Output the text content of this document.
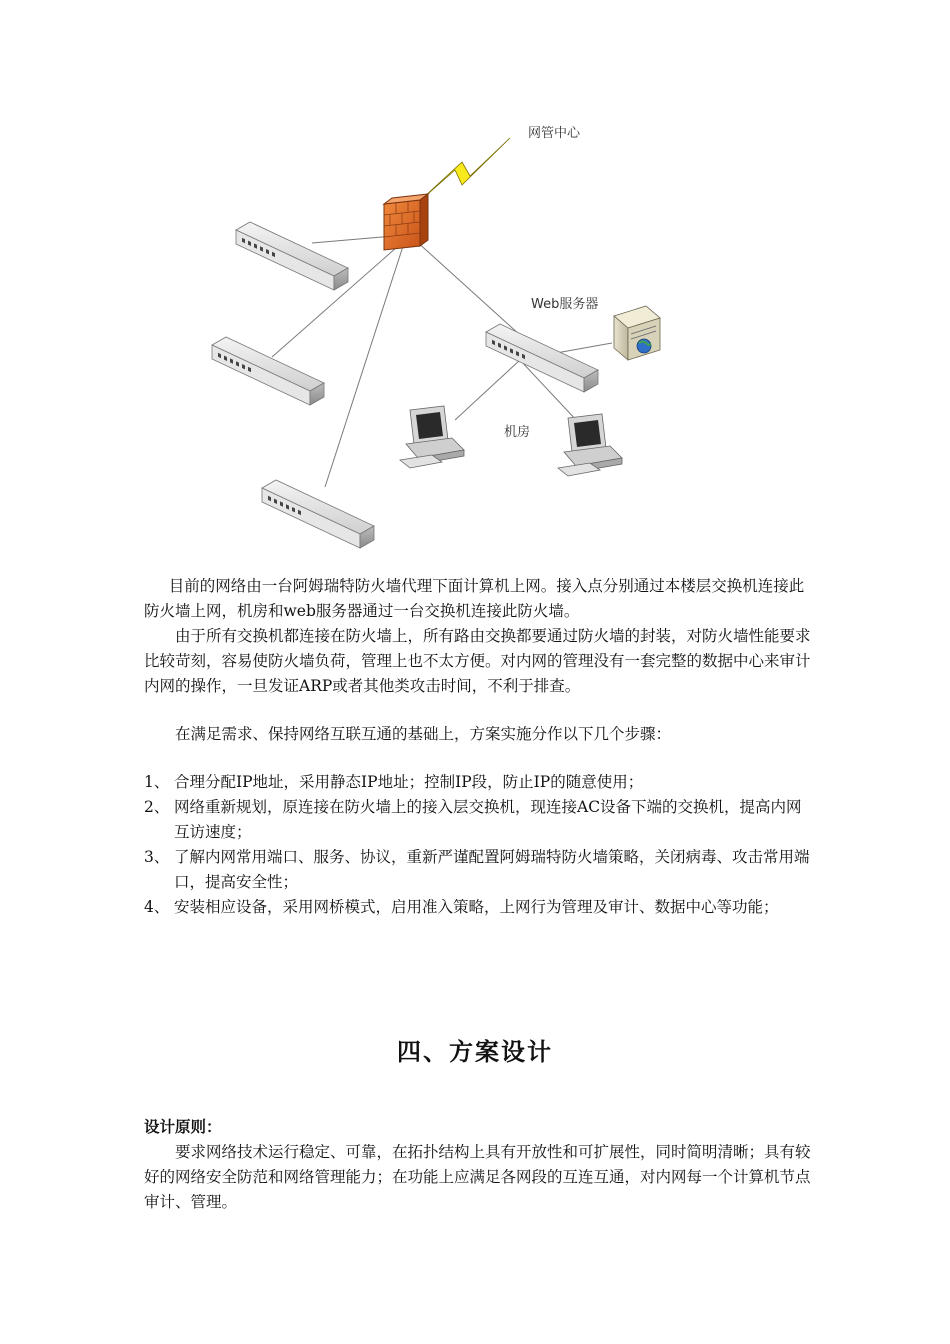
网管中心
Web服务器
机房

目前的网络由一台阿姆瑞特防火墙代理下面计算机上网。接入点分别通过本楼层交换机连接此防火墙上网，机房和web服务器通过一台交换机连接此防火墙。

由于所有交换机都连接在防火墙上，所有路由交换都要通过防火墙的封装，对防火墙性能要求比较苛刻，容易使防火墙负荷，管理上也不太方便。对内网的管理没有一套完整的数据中心来审计内网的操作，一旦发证ARP或者其他类攻击时间，不利于排查。

在满足需求、保持网络互联互通的基础上，方案实施分作以下几个步骤：

1、 合理分配IP地址，采用静态IP地址；控制IP段，防止IP的随意使用；
2、 网络重新规划，原连接在防火墙上的接入层交换机，现连接AC设备下端的交换机，提高内网互访速度；
3、 了解内网常用端口、服务、协议，重新严谨配置阿姆瑞特防火墙策略，关闭病毒、攻击常用端口，提高安全性；
4、 安装相应设备，采用网桥模式，启用准入策略，上网行为管理及审计、数据中心等功能；
四、方案设计
设计原则：

要求网络技术运行稳定、可靠，在拓扑结构上具有开放性和可扩展性，同时简明清晰；具有较好的网络安全防范和网络管理能力；在功能上应满足各网段的互连互通，对内网每一个计算机节点审计、管理。
